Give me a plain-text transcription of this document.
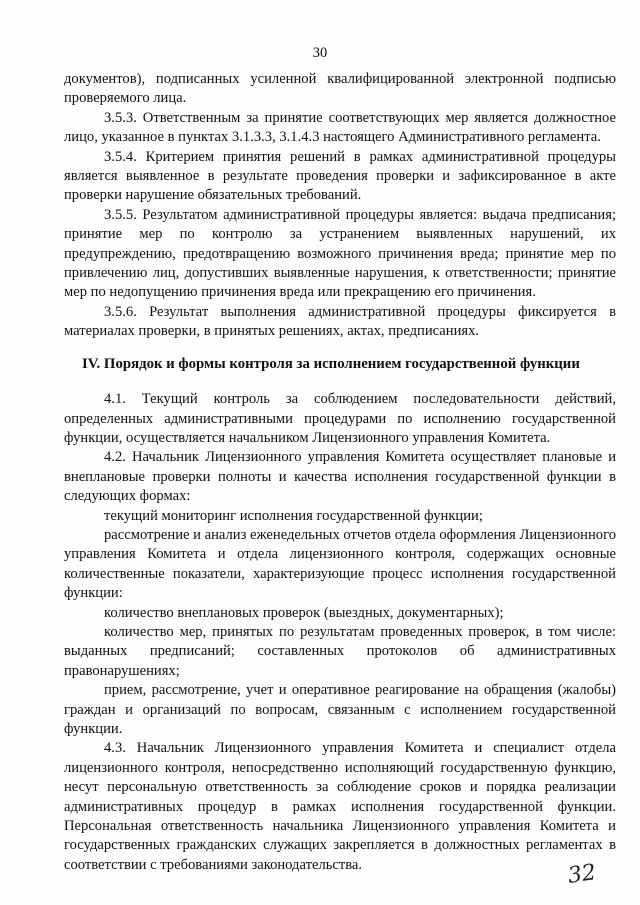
30

документов), подписанных усиленной квалифицированной электронной подписью проверяемого лица.

3.5.3. Ответственным за принятие соответствующих мер является должностное лицо, указанное в пунктах 3.1.3.3, 3.1.4.3 настоящего Административного регламента.

3.5.4. Критерием принятия решений в рамках административной процедуры является выявленное в результате проведения проверки и зафиксированное в акте проверки нарушение обязательных требований.

3.5.5. Результатом административной процедуры является: выдача предписания; принятие мер по контролю за устранением выявленных нарушений, их предупреждению, предотвращению возможного причинения вреда; принятие мер по привлечению лиц, допустивших выявленные нарушения, к ответственности; принятие мер по недопущению причинения вреда или прекращению его причинения.

3.5.6. Результат выполнения административной процедуры фиксируется в материалах проверки, в принятых решениях, актах, предписаниях.

IV. Порядок и формы контроля за исполнением государственной функции

4.1. Текущий контроль за соблюдением последовательности действий, определенных административными процедурами по исполнению государственной функции, осуществляется начальником Лицензионного управления Комитета.

4.2. Начальник Лицензионного управления Комитета осуществляет плановые и внеплановые проверки полноты и качества исполнения государственной функции в следующих формах:

текущий мониторинг исполнения государственной функции;

рассмотрение и анализ еженедельных отчетов отдела оформления Лицензионного управления Комитета и отдела лицензионного контроля, содержащих основные количественные показатели, характеризующие процесс исполнения государственной функции:

количество внеплановых проверок (выездных, документарных);

количество мер, принятых по результатам проведенных проверок, в том числе: выданных предписаний; составленных протоколов об административных правонарушениях;

прием, рассмотрение, учет и оперативное реагирование на обращения (жалобы) граждан и организаций по вопросам, связанным с исполнением государственной функции.

4.3. Начальник Лицензионного управления Комитета и специалист отдела лицензионного контроля, непосредственно исполняющий государственную функцию, несут персональную ответственность за соблюдение сроков и порядка реализации административных процедур в рамках исполнения государственной функции. Персональная ответственность начальника Лицензионного управления Комитета и государственных гражданских служащих закрепляется в должностных регламентах в соответствии с требованиями законодательства.	32
